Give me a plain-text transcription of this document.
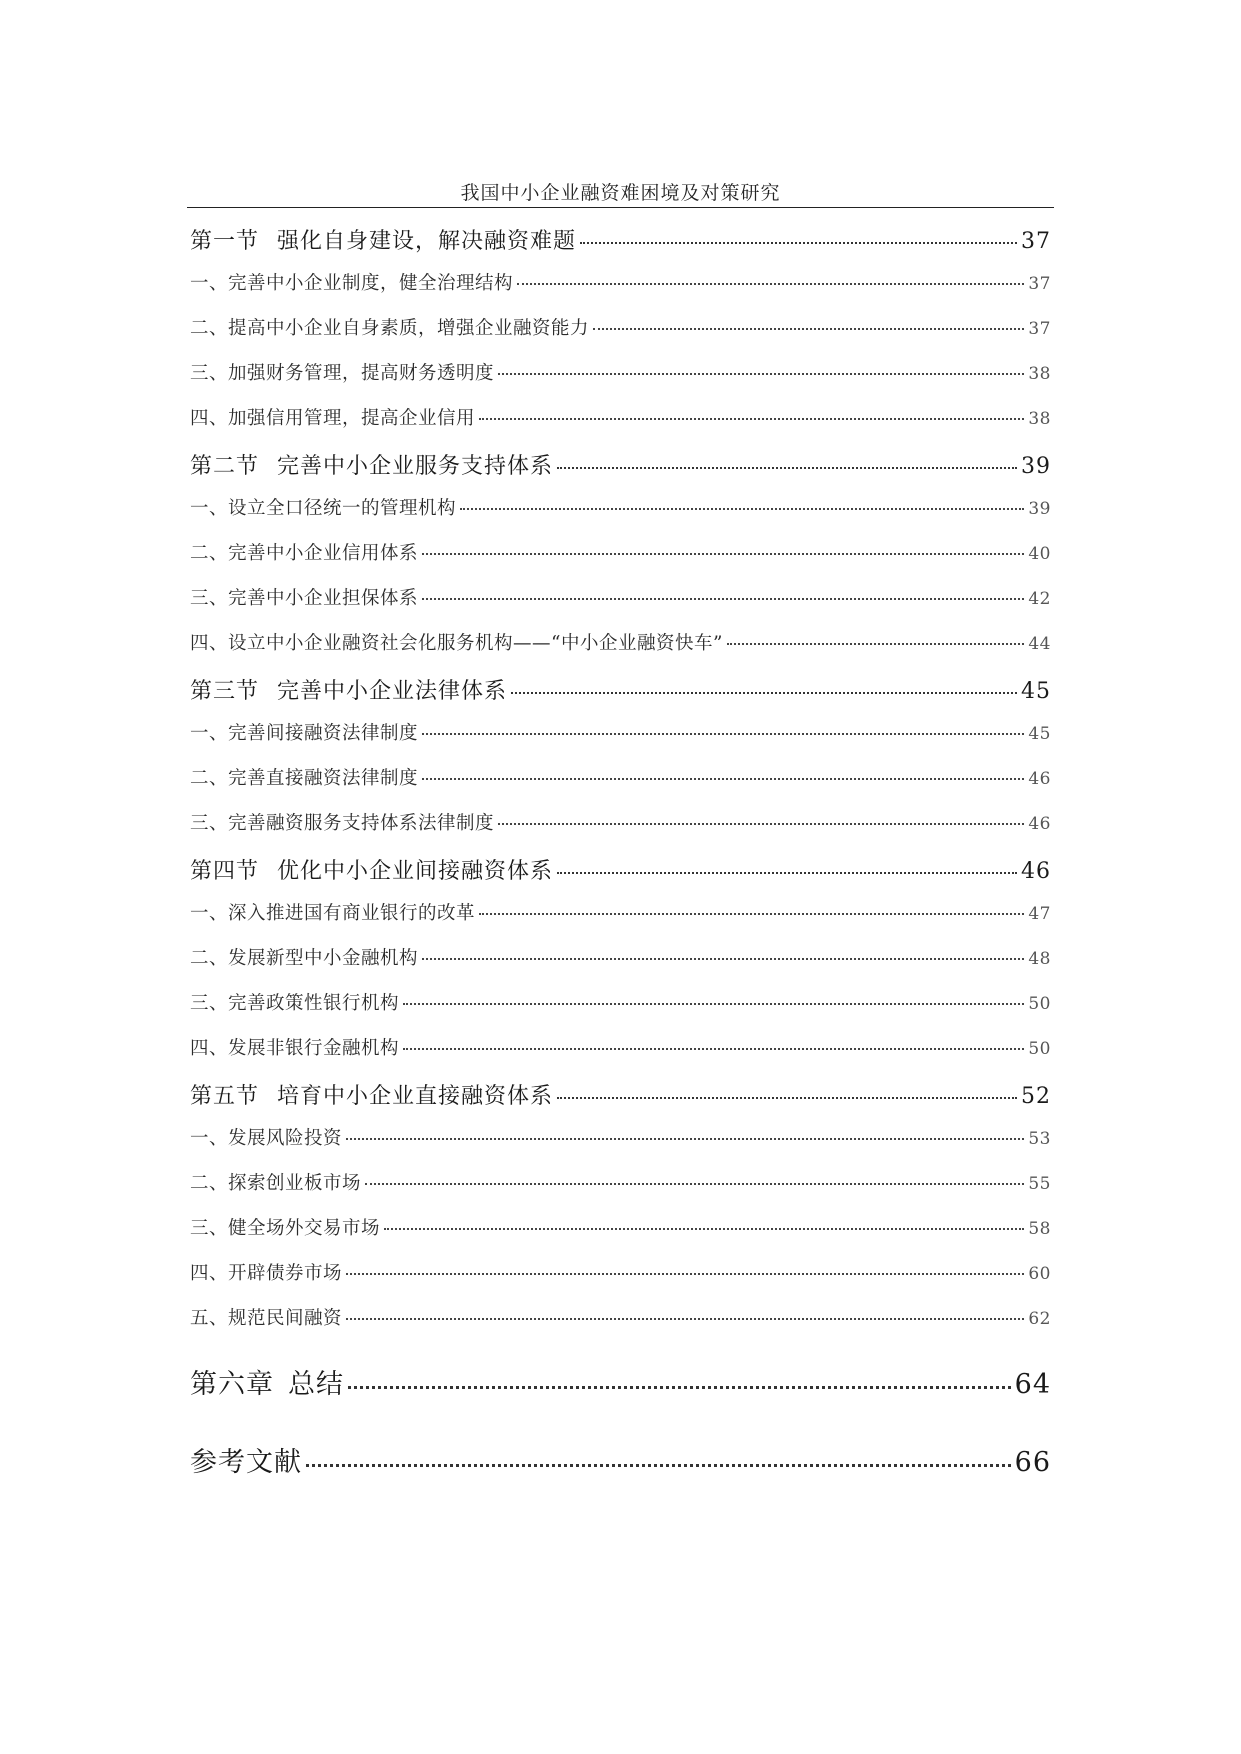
我国中小企业融资难困境及对策研究
第一节 强化自身建设，解决融资难题	37
一、完善中小企业制度，健全治理结构	37
二、提高中小企业自身素质，增强企业融资能力	37
三、加强财务管理，提高财务透明度	38
四、加强信用管理，提高企业信用	38
第二节 完善中小企业服务支持体系	39
一、设立全口径统一的管理机构	39
二、完善中小企业信用体系	40
三、完善中小企业担保体系	42
四、设立中小企业融资社会化服务机构——“中小企业融资快车”	44
第三节 完善中小企业法律体系	45
一、完善间接融资法律制度	45
二、完善直接融资法律制度	46
三、完善融资服务支持体系法律制度	46
第四节 优化中小企业间接融资体系	46
一、深入推进国有商业银行的改革	47
二、发展新型中小金融机构	48
三、完善政策性银行机构	50
四、发展非银行金融机构	50
第五节 培育中小企业直接融资体系	52
一、发展风险投资	53
二、探索创业板市场	55
三、健全场外交易市场	58
四、开辟债券市场	60
五、规范民间融资	62
第六章 总结	64
参考文献	66
